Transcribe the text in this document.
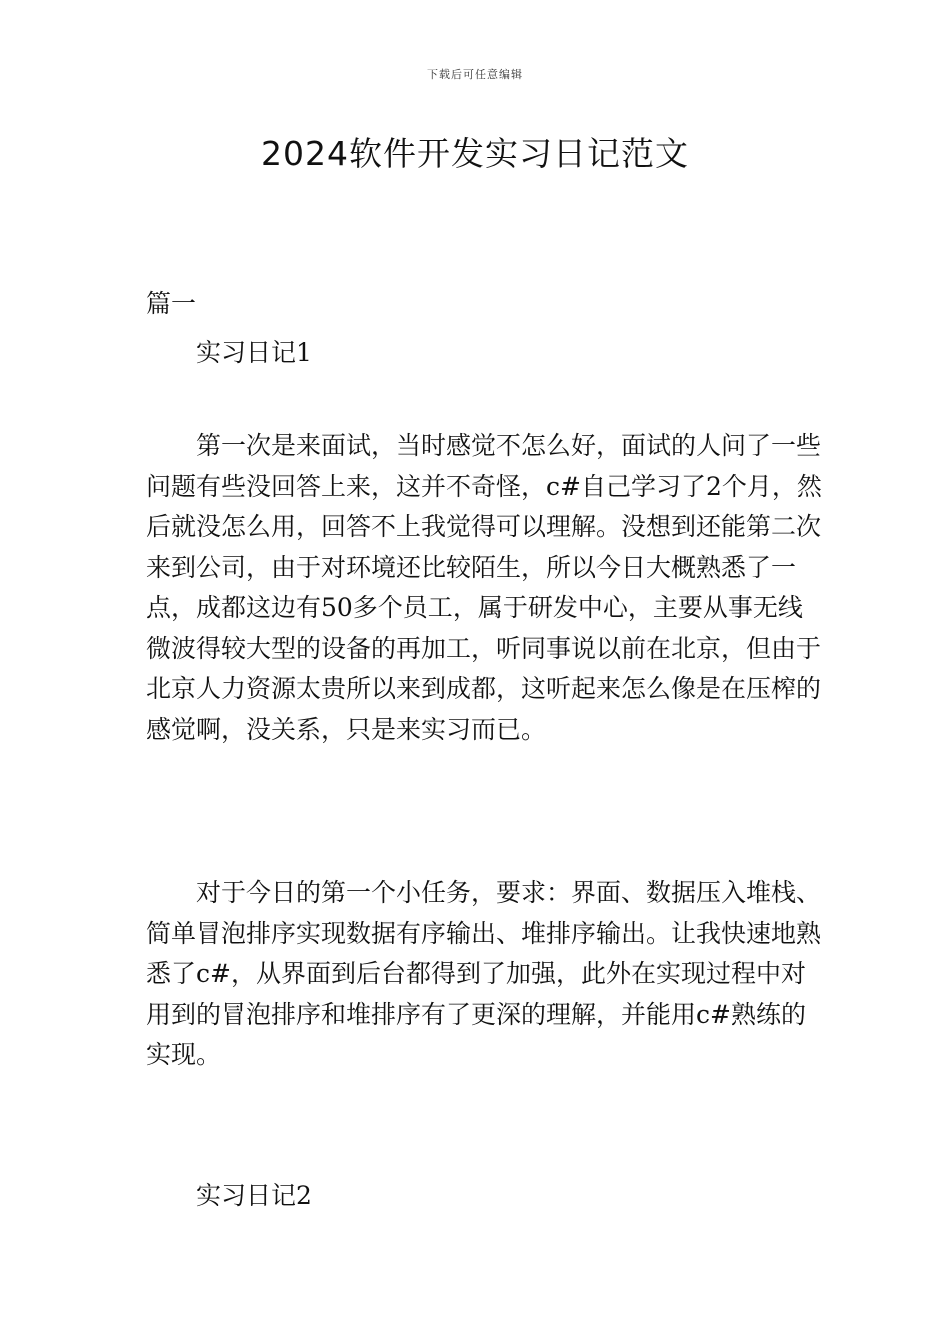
下载后可任意编辑
2024软件开发实习日记范文
篇一
实习日记1

第一次是来面试，当时感觉不怎么好，面试的人问了一些问题有些没回答上来，这并不奇怪，c#自己学习了2个月，然后就没怎么用，回答不上我觉得可以理解。没想到还能第二次来到公司，由于对环境还比较陌生，所以今日大概熟悉了一点，成都这边有50多个员工，属于研发中心，主要从事无线微波得较大型的设备的再加工，听同事说以前在北京，但由于北京人力资源太贵所以来到成都，这听起来怎么像是在压榨的感觉啊，没关系，只是来实习而已。

对于今日的第一个小任务，要求：界面、数据压入堆栈、简单冒泡排序实现数据有序输出、堆排序输出。让我快速地熟悉了c#，从界面到后台都得到了加强，此外在实现过程中对用到的冒泡排序和堆排序有了更深的理解，并能用c#熟练的实现。

实习日记2
